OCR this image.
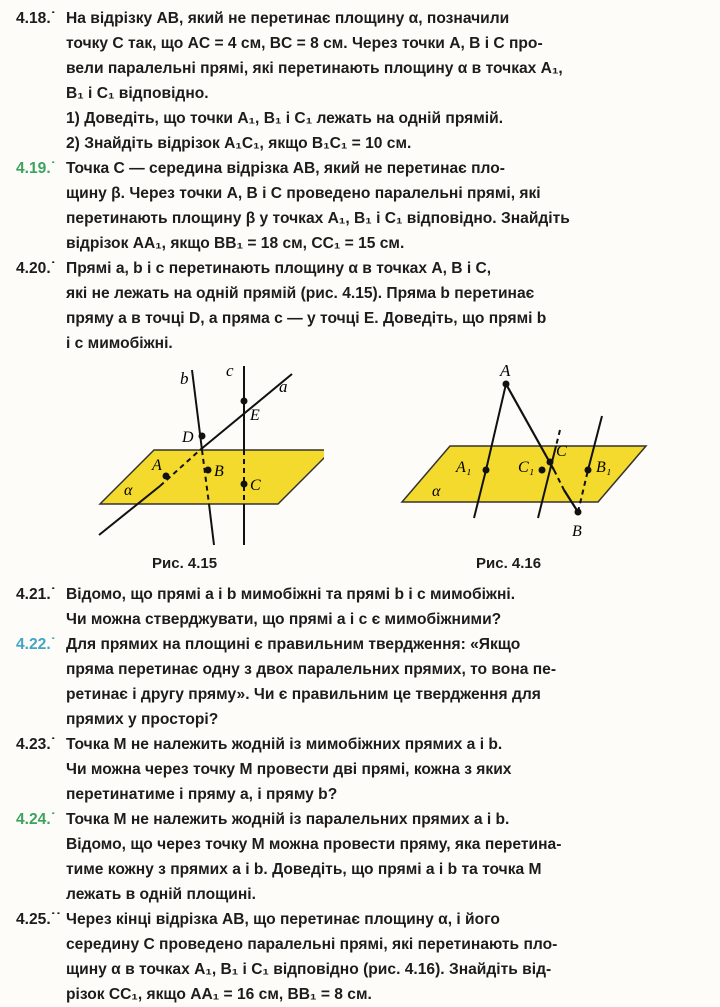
4.18.˙ На відрізку AB, який не перетинає площину α, позначили
точку C так, що AC = 4 см, BC = 8 см. Через точки A, B і C про-
вели паралельні прямі, які перетинають площину α в точках A₁,
B₁ і C₁ відповідно.
1) Доведіть, що точки A₁, B₁ і C₁ лежать на одній прямій.
2) Знайдіть відрізок A₁C₁, якщо B₁C₁ = 10 см.
4.19.˙ Точка C — середина відрізка AB, який не перетинає пло-
щину β. Через точки A, B і C проведено паралельні прямі, які
перетинають площину β у точках A₁, B₁ і C₁ відповідно. Знайдіть
відрізок AA₁, якщо BB₁ = 18 см, CC₁ = 15 см.
4.20.˙ Прямі a, b і c перетинають площину α в точках A, B і C,
які не лежать на одній прямій (рис. 4.15). Пряма b перетинає
пряму a в точці D, а пряма c — у точці E. Доведіть, що прямі b
і c мимобіжні.
b c
a
E
D
A	B
C
α
Рис. 4.15
A
C
A₁	C₁	B₁
B
α
Рис. 4.16
4.21.˙ Відомо, що прямі a і b мимобіжні та прямі b і c мимобіжні.
Чи можна стверджувати, що прямі a і c є мимобіжними?
4.22.˙ Для прямих на площині є правильним твердження: «Якщо
пряма перетинає одну з двох паралельних прямих, то вона пе-
ретинає і другу пряму». Чи є правильним це твердження для
прямих у просторі?
4.23.˙ Точка M не належить жодній із мимобіжних прямих a і b.
Чи можна через точку M провести дві прямі, кожна з яких
перетинатиме і пряму a, і пряму b?
4.24.˙ Точка M не належить жодній із паралельних прямих a і b.
Відомо, що через точку M можна провести пряму, яка перетина-
тиме кожну з прямих a і b. Доведіть, що прямі a і b та точка M
лежать в одній площині.
4.25.˙˙ Через кінці відрізка AB, що перетинає площину α, і його
середину C проведено паралельні прямі, які перетинають пло-
щину α в точках A₁, B₁ і C₁ відповідно (рис. 4.16). Знайдіть від-
різок CC₁, якщо AA₁ = 16 см, BB₁ = 8 см.
